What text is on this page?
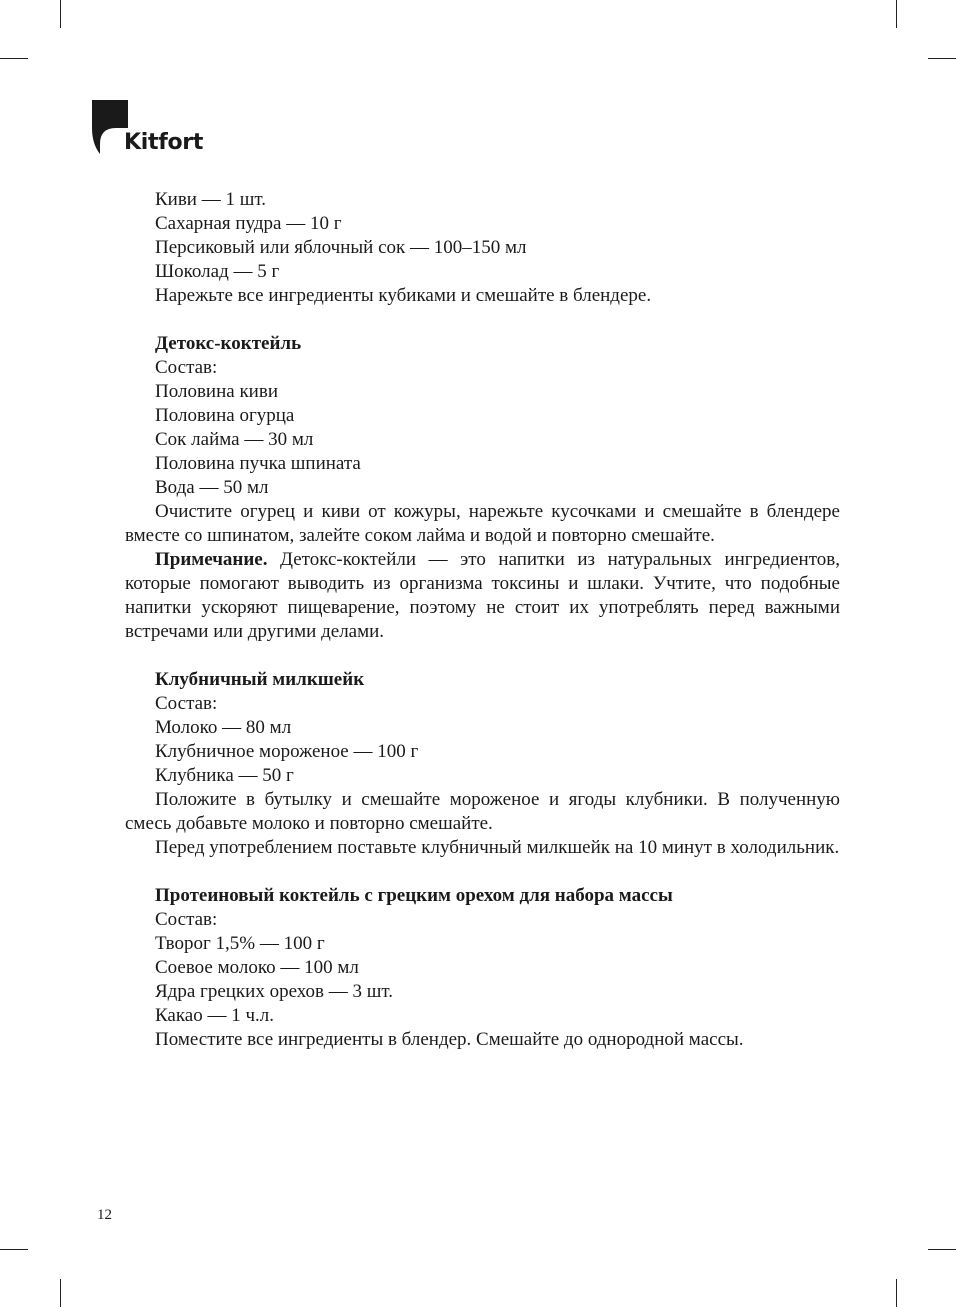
Kitfort
Киви — 1 шт.
Сахарная пудра — 10 г
Персиковый или яблочный сок — 100–150 мл
Шоколад — 5 г
Нарежьте все ингредиенты кубиками и смешайте в блендере.
Детокс-коктейль
Состав:
Половина киви
Половина огурца
Сок лайма — 30 мл
Половина пучка шпината
Вода — 50 мл
Очистите огурец и киви от кожуры, нарежьте кусочками и смешайте в блендере вместе со шпинатом, залейте соком лайма и водой и повторно смешайте.
Примечание. Детокс-коктейли — это напитки из натуральных ингредиентов, которые помогают выводить из организма токсины и шлаки. Учтите, что подобные напитки ускоряют пищеварение, поэтому не стоит их употреблять перед важными встречами или другими делами.
Клубничный милкшейк
Состав:
Молоко — 80 мл
Клубничное мороженое — 100 г
Клубника — 50 г
Положите в бутылку и смешайте мороженое и ягоды клубники. В полученную смесь добавьте молоко и повторно смешайте.
Перед употреблением поставьте клубничный милкшейк на 10 минут в холодильник.
Протеиновый коктейль с грецким орехом для набора массы
Состав:
Творог 1,5% — 100 г
Соевое молоко — 100 мл
Ядра грецких орехов — 3 шт.
Какао — 1 ч.л.
Поместите все ингредиенты в блендер. Смешайте до однородной массы.
12
